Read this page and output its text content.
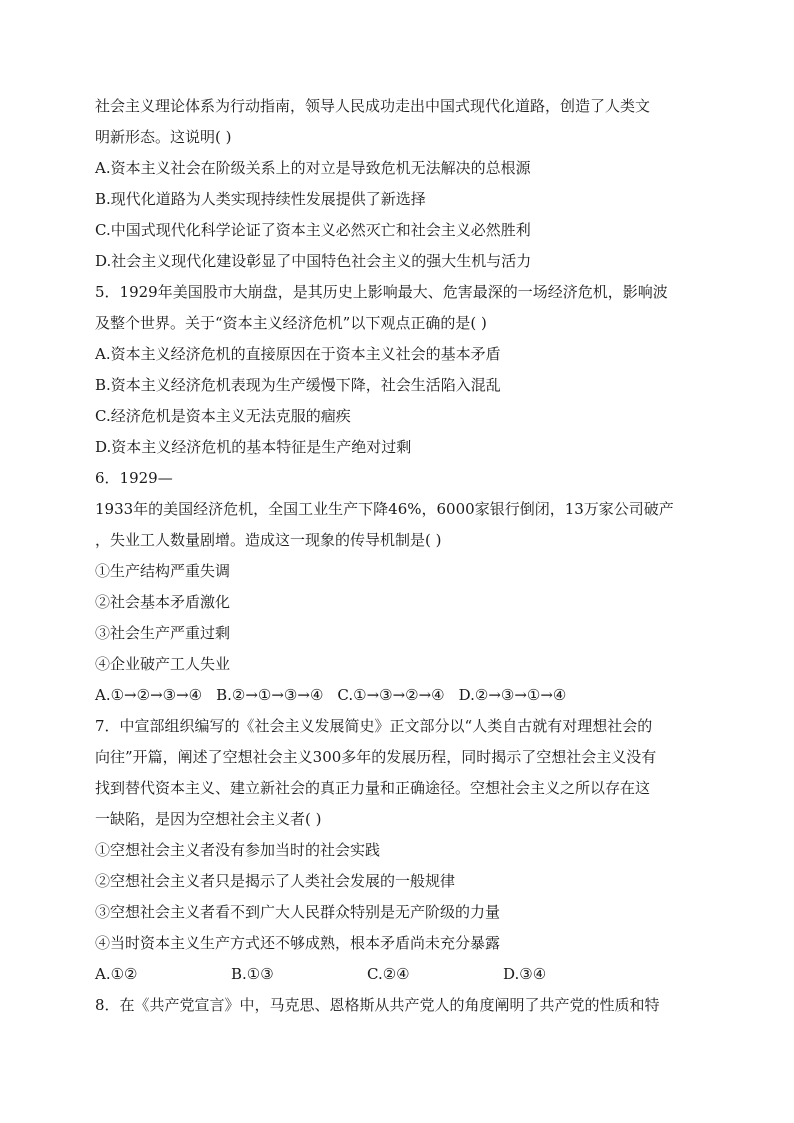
社会主义理论体系为行动指南，领导人民成功走出中国式现代化道路，创造了人类文
明新形态。这说明( )
A.资本主义社会在阶级关系上的对立是导致危机无法解决的总根源
B.现代化道路为人类实现持续性发展提供了新选择
C.中国式现代化科学论证了资本主义必然灭亡和社会主义必然胜利
D.社会主义现代化建设彰显了中国特色社会主义的强大生机与活力
5．1929年美国股市大崩盘，是其历史上影响最大、危害最深的一场经济危机，影响波
及整个世界。关于“资本主义经济危机”以下观点正确的是( )
A.资本主义经济危机的直接原因在于资本主义社会的基本矛盾
B.资本主义经济危机表现为生产缓慢下降，社会生活陷入混乱
C.经济危机是资本主义无法克服的痼疾
D.资本主义经济危机的基本特征是生产绝对过剩
6．1929—
1933年的美国经济危机，全国工业生产下降46%，6000家银行倒闭，13万家公司破产
，失业工人数量剧增。造成这一现象的传导机制是( )
①生产结构严重失调
②社会基本矛盾激化
③社会生产严重过剩
④企业破产工人失业
A.①→②→③→④ B.②→①→③→④ C.①→③→②→④ D.②→③→①→④
7．中宣部组织编写的《社会主义发展简史》正文部分以“人类自古就有对理想社会的
向往”开篇，阐述了空想社会主义300多年的发展历程，同时揭示了空想社会主义没有
找到替代资本主义、建立新社会的真正力量和正确途径。空想社会主义之所以存在这
一缺陷，是因为空想社会主义者( )
①空想社会主义者没有参加当时的社会实践
②空想社会主义者只是揭示了人类社会发展的一般规律
③空想社会主义者看不到广大人民群众特别是无产阶级的力量
④当时资本主义生产方式还不够成熟，根本矛盾尚未充分暴露
A.①②	B.①③	C.②④	D.③④
8．在《共产党宣言》中，马克思、恩格斯从共产党人的角度阐明了共产党的性质和特
